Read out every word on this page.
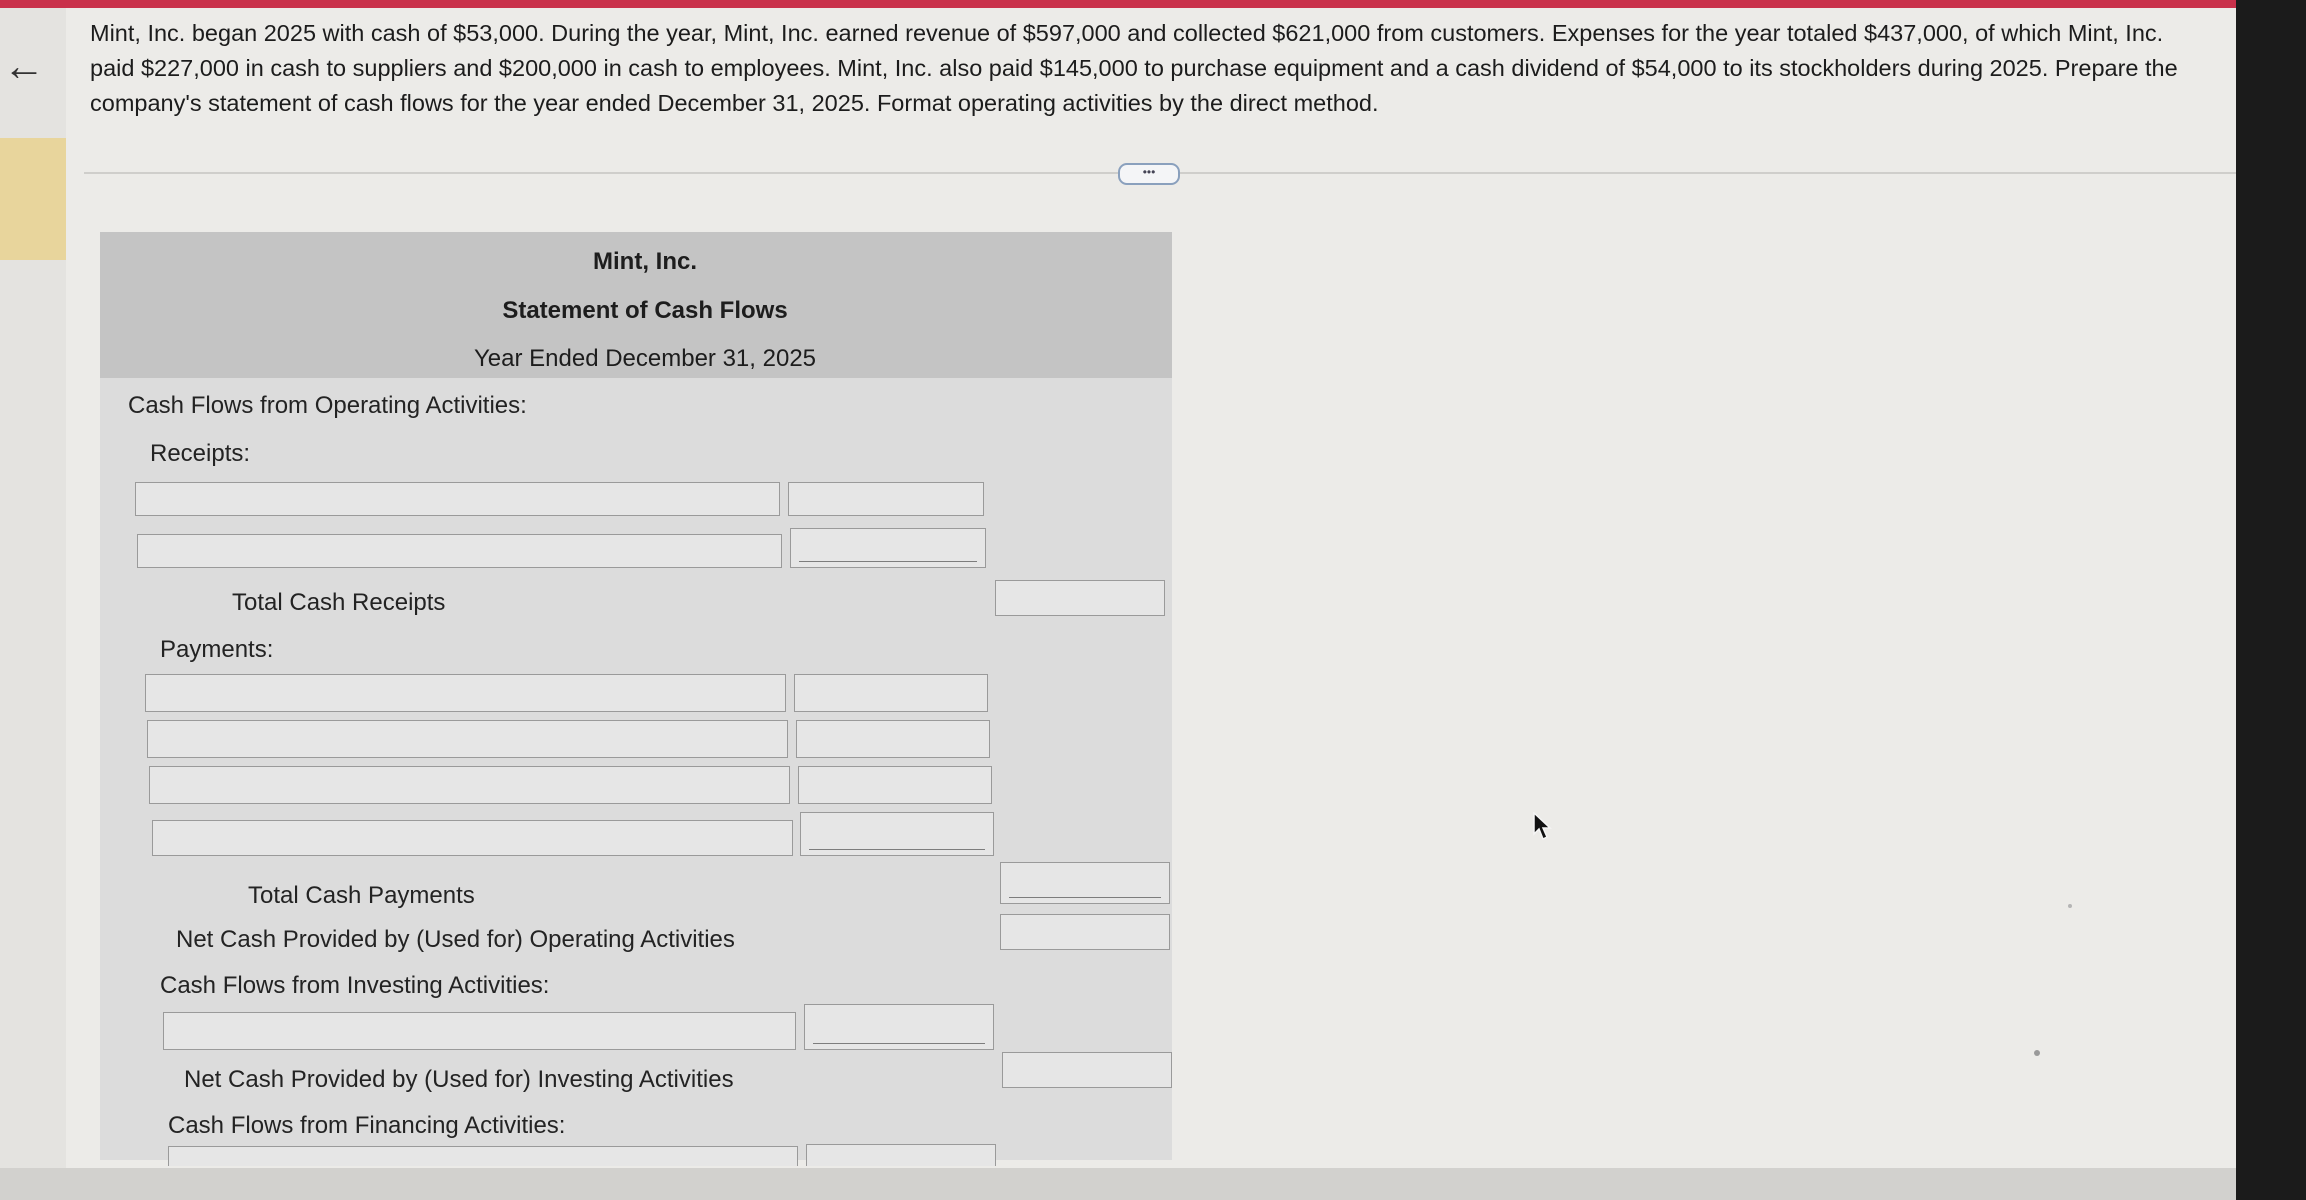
←
Mint, Inc. began 2025 with cash of $53,000. During the year, Mint, Inc. earned revenue of $597,000 and collected $621,000 from customers. Expenses for the year totaled $437,000, of which Mint, Inc. paid $227,000 in cash to suppliers and $200,000 in cash to employees. Mint, Inc. also paid $145,000 to purchase equipment and a cash dividend of $54,000 to its stockholders during 2025. Prepare the company's statement of cash flows for the year ended December 31, 2025. Format operating activities by the direct method.
•••
Mint, Inc.
Statement of Cash Flows
Year Ended December 31, 2025
Cash Flows from Operating Activities:
Receipts:
Total Cash Receipts
Payments:
Total Cash Payments
Net Cash Provided by (Used for) Operating Activities
Cash Flows from Investing Activities:
Net Cash Provided by (Used for) Investing Activities
Cash Flows from Financing Activities:
